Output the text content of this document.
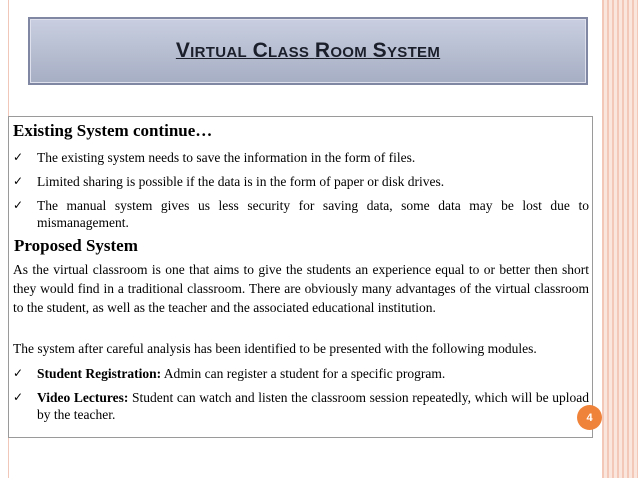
VIRTUAL CLASS ROOM SYSTEM
Existing System continue…
✓ The existing system needs to save the information in the form of files.
✓ Limited sharing is possible if the data is in the form of paper or disk drives.
✓ The manual system gives us less security for saving data, some data may be lost due to mismanagement.
Proposed System

As the virtual classroom is one that aims to give the students an experience equal to or better then short they would find in a traditional classroom. There are obviously many advantages of the virtual classroom to the student, as well as the teacher and the associated educational institution.

The system after careful analysis has been identified to be presented with the following modules.

✓ Student Registration: Admin can register a student for a specific program.
✓ Video Lectures: Student can watch and listen the classroom session repeatedly, which will be upload by the teacher.	4
